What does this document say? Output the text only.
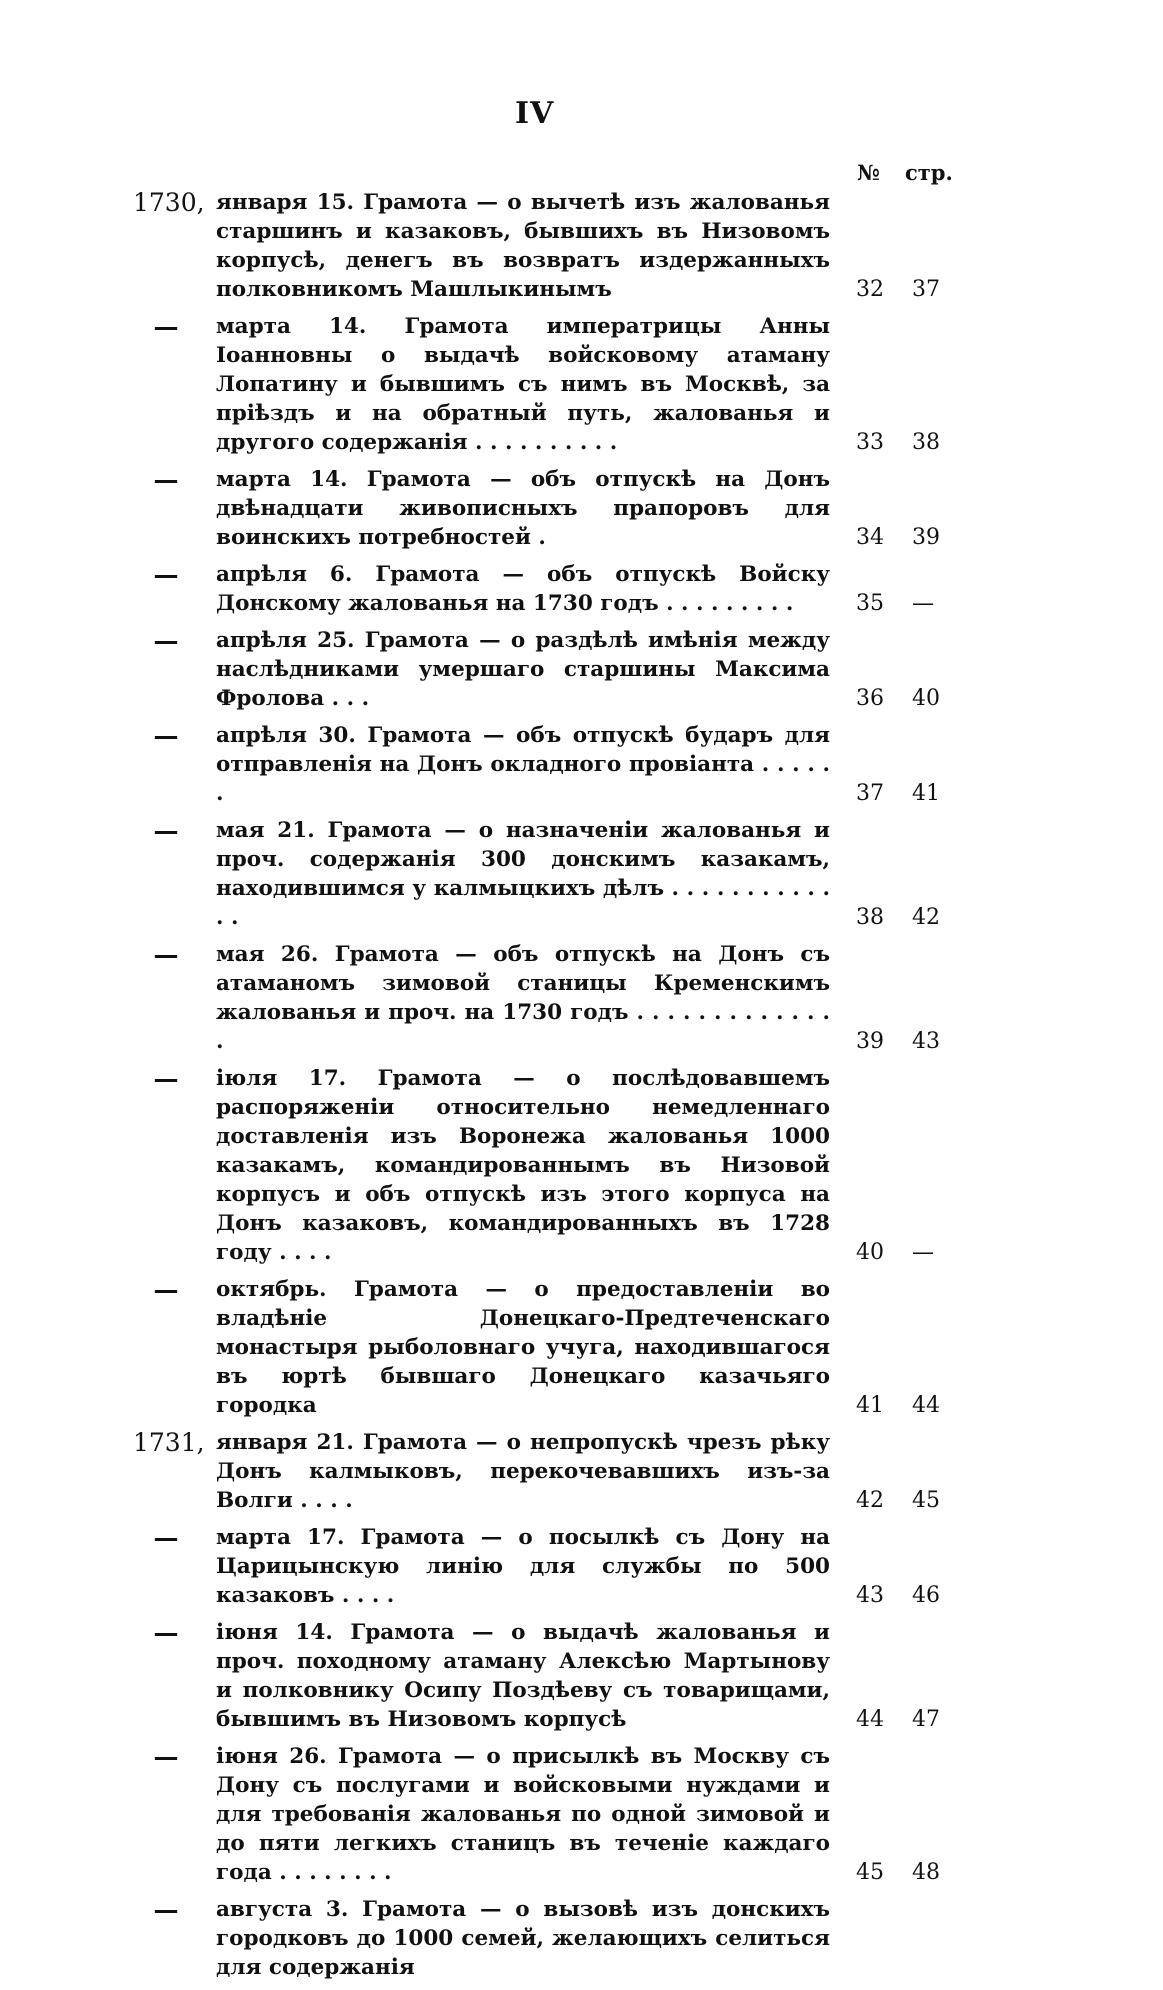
IV
№ стр.
1730, января 15. Грамота — о вычетѣ изъ жалованья старшинъ и казаковъ, бывшихъ въ Низовомъ корпусѣ, денегъ въ возвратъ издержанныхъ полковникомъ Машлыкинымъ	32	37
— марта 14. Грамота императрицы Анны Іоанновны о выдачѣ войсковому атаману Лопатину и бывшимъ съ нимъ въ Москвѣ, за пріѣздъ и на обратный путь, жалованья и другого содержанія . . . . . . . . . .	33	38
— марта 14. Грамота — объ отпускѣ на Донъ двѣнадцати живописныхъ прапоровъ для воинскихъ потребностей .	34	39
— апрѣля 6. Грамота — объ отпускѣ Войску Донскому жалованья на 1730 годъ . . . . . . . . .	35	—
— апрѣля 25. Грамота — о раздѣлѣ имѣнія между наслѣдниками умершаго старшины Максима Фролова . . .	36	40
— апрѣля 30. Грамота — объ отпускѣ бударъ для отправленія на Донъ окладного провіанта . . . . . .	37	41
— мая 21. Грамота — о назначеніи жалованья и проч. содержанія 300 донскимъ казакамъ, находившимся у калмыцкихъ дѣлъ . . . . . . . . . . . . .	38	42
— мая 26. Грамота — объ отпускѣ на Донъ съ атаманомъ зимовой станицы Кременскимъ жалованья и проч. на 1730 годъ . . . . . . . . . . . . . .	39	43
— іюля 17. Грамота — о послѣдовавшемъ распоряженіи относительно немедленнаго доставленія изъ Воронежа жалованья 1000 казакамъ, командированнымъ въ Низовой корпусъ и объ отпускѣ изъ этого корпуса на Донъ казаковъ, командированныхъ въ 1728 году . . . .	40	—
— октябрь. Грамота — о предоставленіи во владѣніе Донецкаго-Предтеченскаго монастыря рыболовнаго учуга, находившагося въ юртѣ бывшаго Донецкаго казачьяго городка	41	44
1731, января 21. Грамота — о непропускѣ чрезъ рѣку Донъ калмыковъ, перекочевавшихъ изъ-за Волги . . . .	42	45
— марта 17. Грамота — о посылкѣ съ Дону на Царицынскую линію для службы по 500 казаковъ . . . .	43	46
— іюня 14. Грамота — о выдачѣ жалованья и проч. походному атаману Алексѣю Мартынову и полковнику Осипу Поздѣеву съ товарищами, бывшимъ въ Низовомъ корпусѣ	44	47
— іюня 26. Грамота — о присылкѣ въ Москву съ Дону съ послугами и войсковыми нуждами и для требованія жалованья по одной зимовой и до пяти легкихъ станицъ въ теченіе каждаго года . . . . . . . .	45	48
— августа 3. Грамота — о вызовѣ изъ донскихъ городковъ до 1000 семей, желающихъ селиться для содержанія
